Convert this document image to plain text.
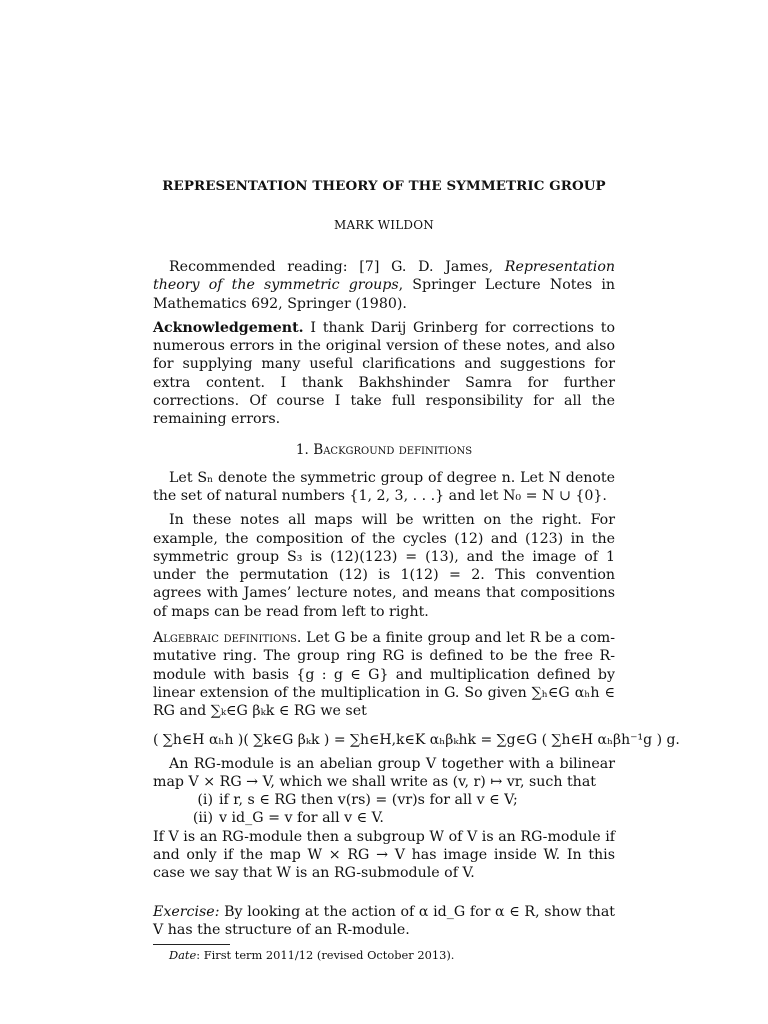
REPRESENTATION THEORY OF THE SYMMETRIC GROUP
MARK WILDON

Recommended reading: [7] G. D. James, Representation theory of the symmetric groups, Springer Lecture Notes in Mathematics 692, Springer (1980).

Acknowledgement. I thank Darij Grinberg for corrections to numerous errors in the original version of these notes, and also for supplying many useful clarifications and suggestions for extra content. I thank Bakhshinder Samra for further corrections. Of course I take full responsibility for all the remaining errors.

1. Background definitions

Let Sₙ denote the symmetric group of degree n. Let N denote the set of natural numbers {1, 2, 3, . . .} and let N₀ = N ∪ {0}.

In these notes all maps will be written on the right. For example, the composition of the cycles (12) and (123) in the symmetric group S₃ is (12)(123) = (13), and the image of 1 under the permutation (12) is 1(12) = 2. This convention agrees with James’ lecture notes, and means that compositions of maps can be read from left to right.

Algebraic definitions. Let G be a finite group and let R be a commutative ring. The group ring RG is defined to be the free R-module with basis {g : g ∈ G} and multiplication defined by linear extension of the multiplication in G. So given ∑ₕ∈G αₕh ∈ RG and ∑ₖ∈G βₖk ∈ RG we set

( ∑h∈H αₕh )( ∑k∈G βₖk ) = ∑h∈H,k∈K αₕβₖhk = ∑g∈G ( ∑h∈H αₕβh⁻¹g ) g.

An RG-module is an abelian group V together with a bilinear map V × RG → V, which we shall write as (v, r) ↦ vr, such that

(i) if r, s ∈ RG then v(rs) = (vr)s for all v ∈ V;
(ii) v id_G = v for all v ∈ V.

If V is an RG-module then a subgroup W of V is an RG-module if and only if the map W × RG → V has image inside W. In this case we say that W is an RG-submodule of V.

Exercise: By looking at the action of α id_G for α ∈ R, show that V has the structure of an R-module.

Date: First term 2011/12 (revised October 2013).
